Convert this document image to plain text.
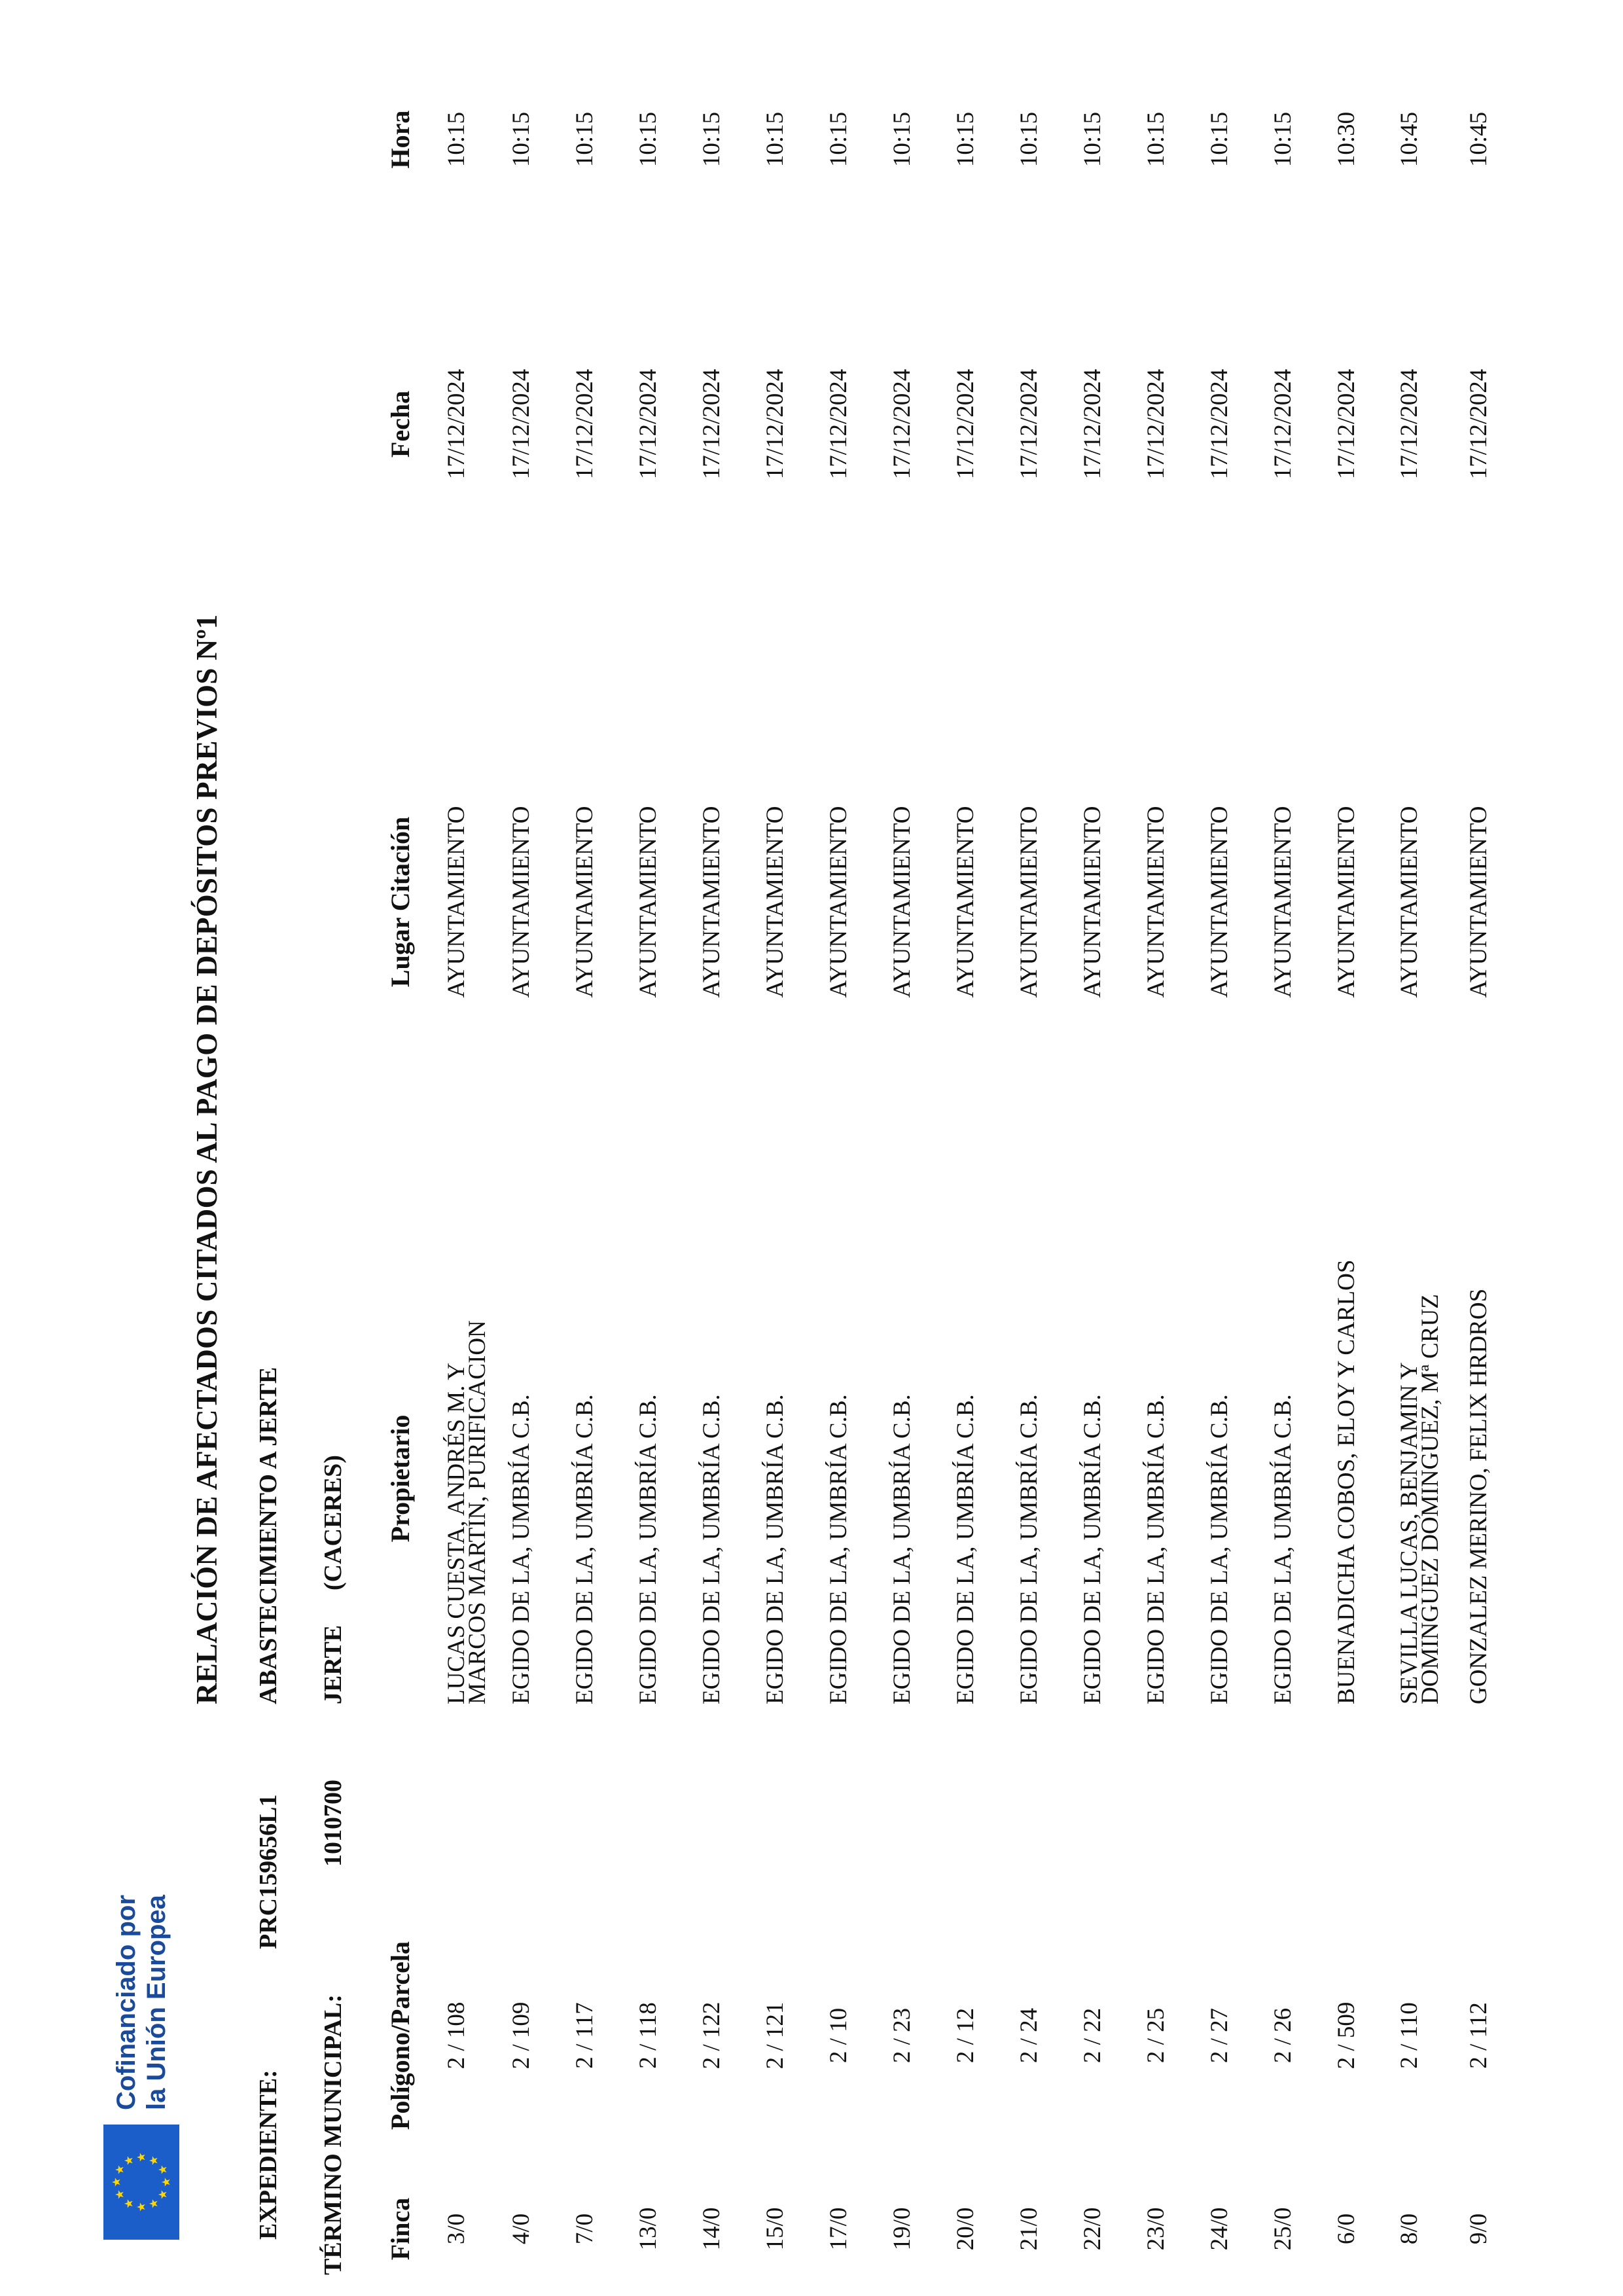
Cofinanciado por la Unión Europea
RELACIÓN DE AFECTADOS CITADOS AL PAGO DE DEPÓSITOS PREVIOS Nº1
EXPEDIENTE:
PRC159656L1
ABASTECIMIENTO A JERTE
TÉRMINO MUNICIPAL:
1010700
JERTE
(CACERES)
Finca
Polígono/Parcela
Propietario
Lugar Citación
Fecha
Hora
3/0
2 / 108
LUCAS CUESTA, ANDRÉS M. Y
MARCOS MARTIN, PURIFICACION
AYUNTAMIENTO
17/12/2024
10:15
4/0
2 / 109
EGIDO DE LA, UMBRÍA C.B.
AYUNTAMIENTO
17/12/2024
10:15
7/0
2 / 117
EGIDO DE LA, UMBRÍA C.B.
AYUNTAMIENTO
17/12/2024
10:15
13/0
2 / 118
EGIDO DE LA, UMBRÍA C.B.
AYUNTAMIENTO
17/12/2024
10:15
14/0
2 / 122
EGIDO DE LA, UMBRÍA C.B.
AYUNTAMIENTO
17/12/2024
10:15
15/0
2 / 121
EGIDO DE LA, UMBRÍA C.B.
AYUNTAMIENTO
17/12/2024
10:15
17/0
2 / 10
EGIDO DE LA, UMBRÍA C.B.
AYUNTAMIENTO
17/12/2024
10:15
19/0
2 / 23
EGIDO DE LA, UMBRÍA C.B.
AYUNTAMIENTO
17/12/2024
10:15
20/0
2 / 12
EGIDO DE LA, UMBRÍA C.B.
AYUNTAMIENTO
17/12/2024
10:15
21/0
2 / 24
EGIDO DE LA, UMBRÍA C.B.
AYUNTAMIENTO
17/12/2024
10:15
22/0
2 / 22
EGIDO DE LA, UMBRÍA C.B.
AYUNTAMIENTO
17/12/2024
10:15
23/0
2 / 25
EGIDO DE LA, UMBRÍA C.B.
AYUNTAMIENTO
17/12/2024
10:15
24/0
2 / 27
EGIDO DE LA, UMBRÍA C.B.
AYUNTAMIENTO
17/12/2024
10:15
25/0
2 / 26
EGIDO DE LA, UMBRÍA C.B.
AYUNTAMIENTO
17/12/2024
10:15
6/0
2 / 509
BUENADICHA COBOS, ELOY Y CARLOS
AYUNTAMIENTO
17/12/2024
10:30
8/0
2 / 110
SEVILLA LUCAS, BENJAMIN Y
DOMINGUEZ DOMINGUEZ, Mª CRUZ
AYUNTAMIENTO
17/12/2024
10:45
9/0
2 / 112
GONZALEZ MERINO, FELIX HRDROS
AYUNTAMIENTO
17/12/2024
10:45
